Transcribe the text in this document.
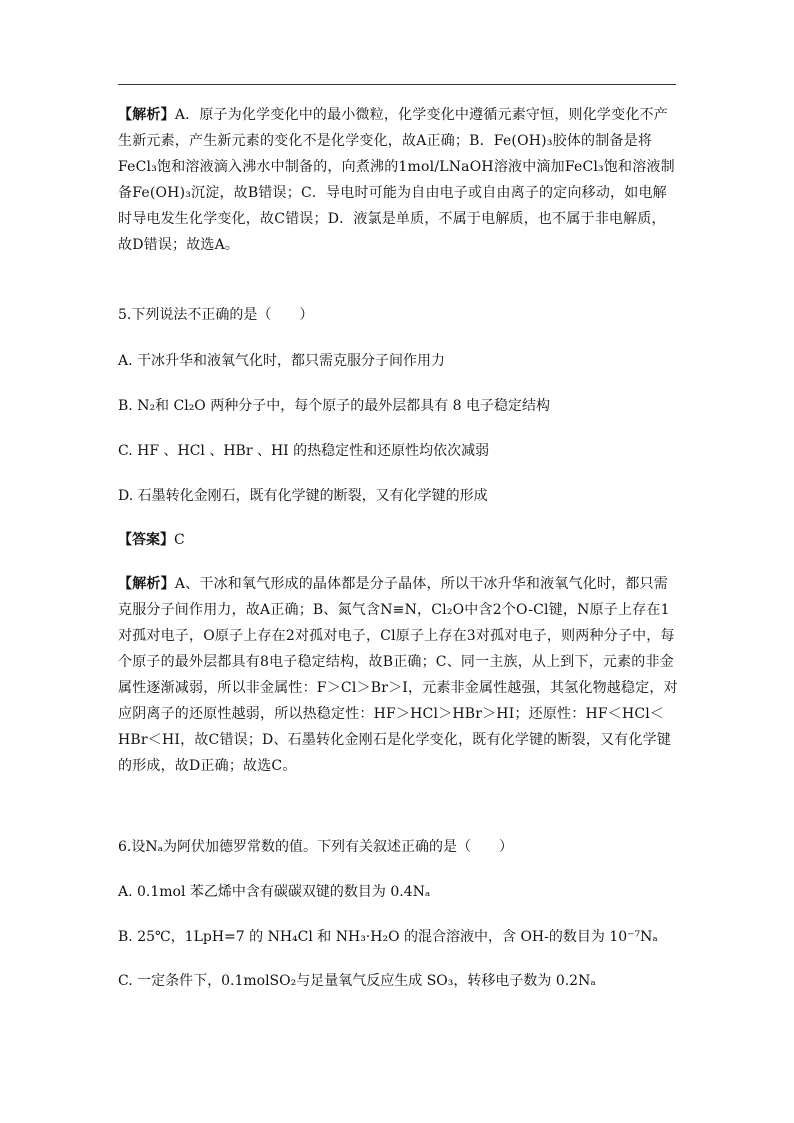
【解析】A．原子为化学变化中的最小微粒，化学变化中遵循元素守恒，则化学变化不产生新元素，产生新元素的变化不是化学变化，故A正确；B．Fe(OH)₃胶体的制备是将FeCl₃饱和溶液滴入沸水中制备的，向煮沸的1mol/LNaOH溶液中滴加FeCl₃饱和溶液制备Fe(OH)₃沉淀，故B错误；C．导电时可能为自由电子或自由离子的定向移动，如电解时导电发生化学变化，故C错误；D．液氯是单质，不属于电解质，也不属于非电解质，故D错误；故选A。
5.下列说法不正确的是（　　）
A. 干冰升华和液氧气化时，都只需克服分子间作用力
B. N₂和 Cl₂O 两种分子中，每个原子的最外层都具有 8 电子稳定结构
C. HF 、HCl 、HBr 、HI 的热稳定性和还原性均依次减弱
D. 石墨转化金刚石，既有化学键的断裂，又有化学键的形成
【答案】C
【解析】A、干冰和氧气形成的晶体都是分子晶体，所以干冰升华和液氧气化时，都只需克服分子间作用力，故A正确；B、氮气含N≡N，Cl₂O中含2个O-Cl键，N原子上存在1对孤对电子，O原子上存在2对孤对电子，Cl原子上存在3对孤对电子，则两种分子中，每个原子的最外层都具有8电子稳定结构，故B正确；C、同一主族，从上到下，元素的非金属性逐渐减弱，所以非金属性：F＞Cl＞Br＞I，元素非金属性越强，其氢化物越稳定，对应阴离子的还原性越弱，所以热稳定性：HF＞HCl＞HBr＞HI；还原性：HF＜HCl＜HBr＜HI，故C错误；D、石墨转化金刚石是化学变化，既有化学键的断裂，又有化学键的形成，故D正确；故选C。
6.设Nₐ为阿伏加德罗常数的值。下列有关叙述正确的是（　　）
A. 0.1mol 苯乙烯中含有碳碳双键的数目为 0.4Nₐ
B. 25℃，1LpH=7 的 NH₄Cl 和 NH₃·H₂O 的混合溶液中，含 OH-的数目为 10⁻⁷Nₐ
C. 一定条件下，0.1molSO₂与足量氧气反应生成 SO₃，转移电子数为 0.2Nₐ
